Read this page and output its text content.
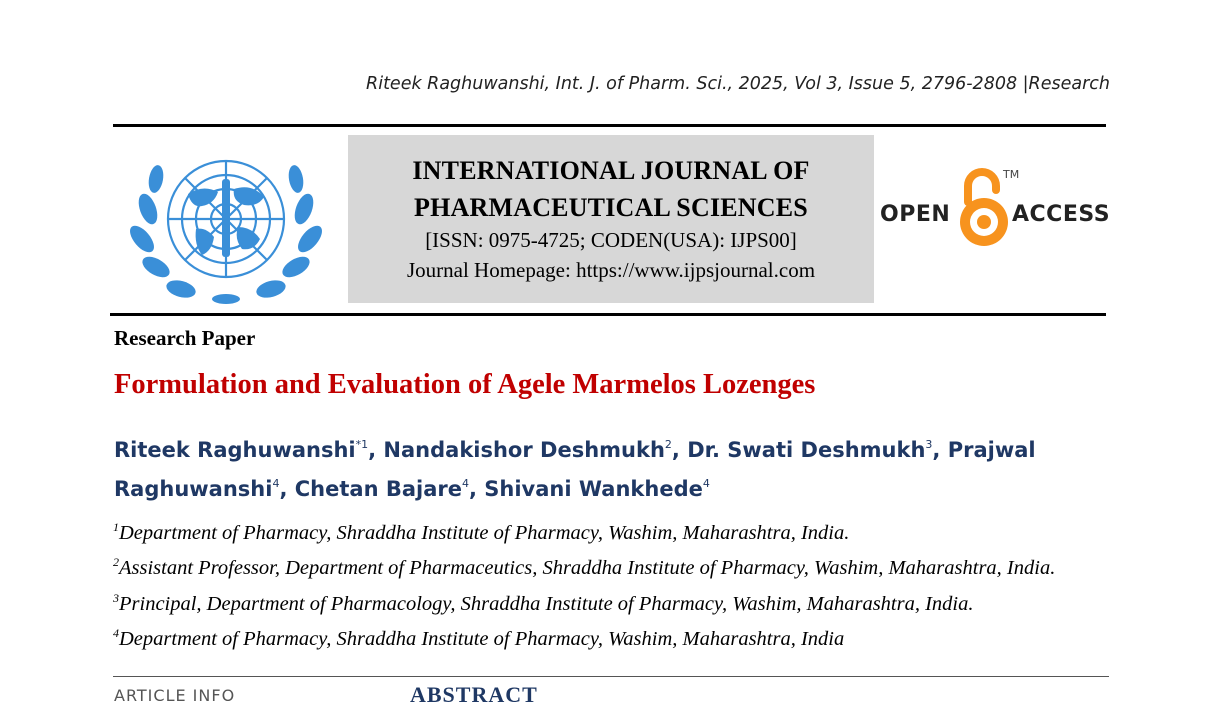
Riteek Raghuwanshi, Int. J. of Pharm. Sci., 2025, Vol 3, Issue 5, 2796-2808 |Research
INTERNATIONAL JOURNAL OF
PHARMACEUTICAL SCIENCES
[ISSN: 0975-4725; CODEN(USA): IJPS00]
Journal Homepage: https://www.ijpsjournal.com
OPEN
TM
ACCESS
Research Paper
Formulation and Evaluation of Agele Marmelos Lozenges
Riteek Raghuwanshi$^{*1}$, Nandakishor Deshmukh$^2$, Dr. Swati Deshmukh$^3$, Prajwal Raghuwanshi$^4$, Chetan Bajare$^4$, Shivani Wankhede$^4$
$^1$Department of Pharmacy, Shraddha Institute of Pharmacy, Washim, Maharashtra, India.
$^2$Assistant Professor, Department of Pharmaceutics, Shraddha Institute of Pharmacy, Washim, Maharashtra, India.
$^3$Principal, Department of Pharmacology, Shraddha Institute of Pharmacy, Washim, Maharashtra, India.
$^4$Department of Pharmacy, Shraddha Institute of Pharmacy, Washim, Maharashtra, India
ARTICLE INFO	ABSTRACT
